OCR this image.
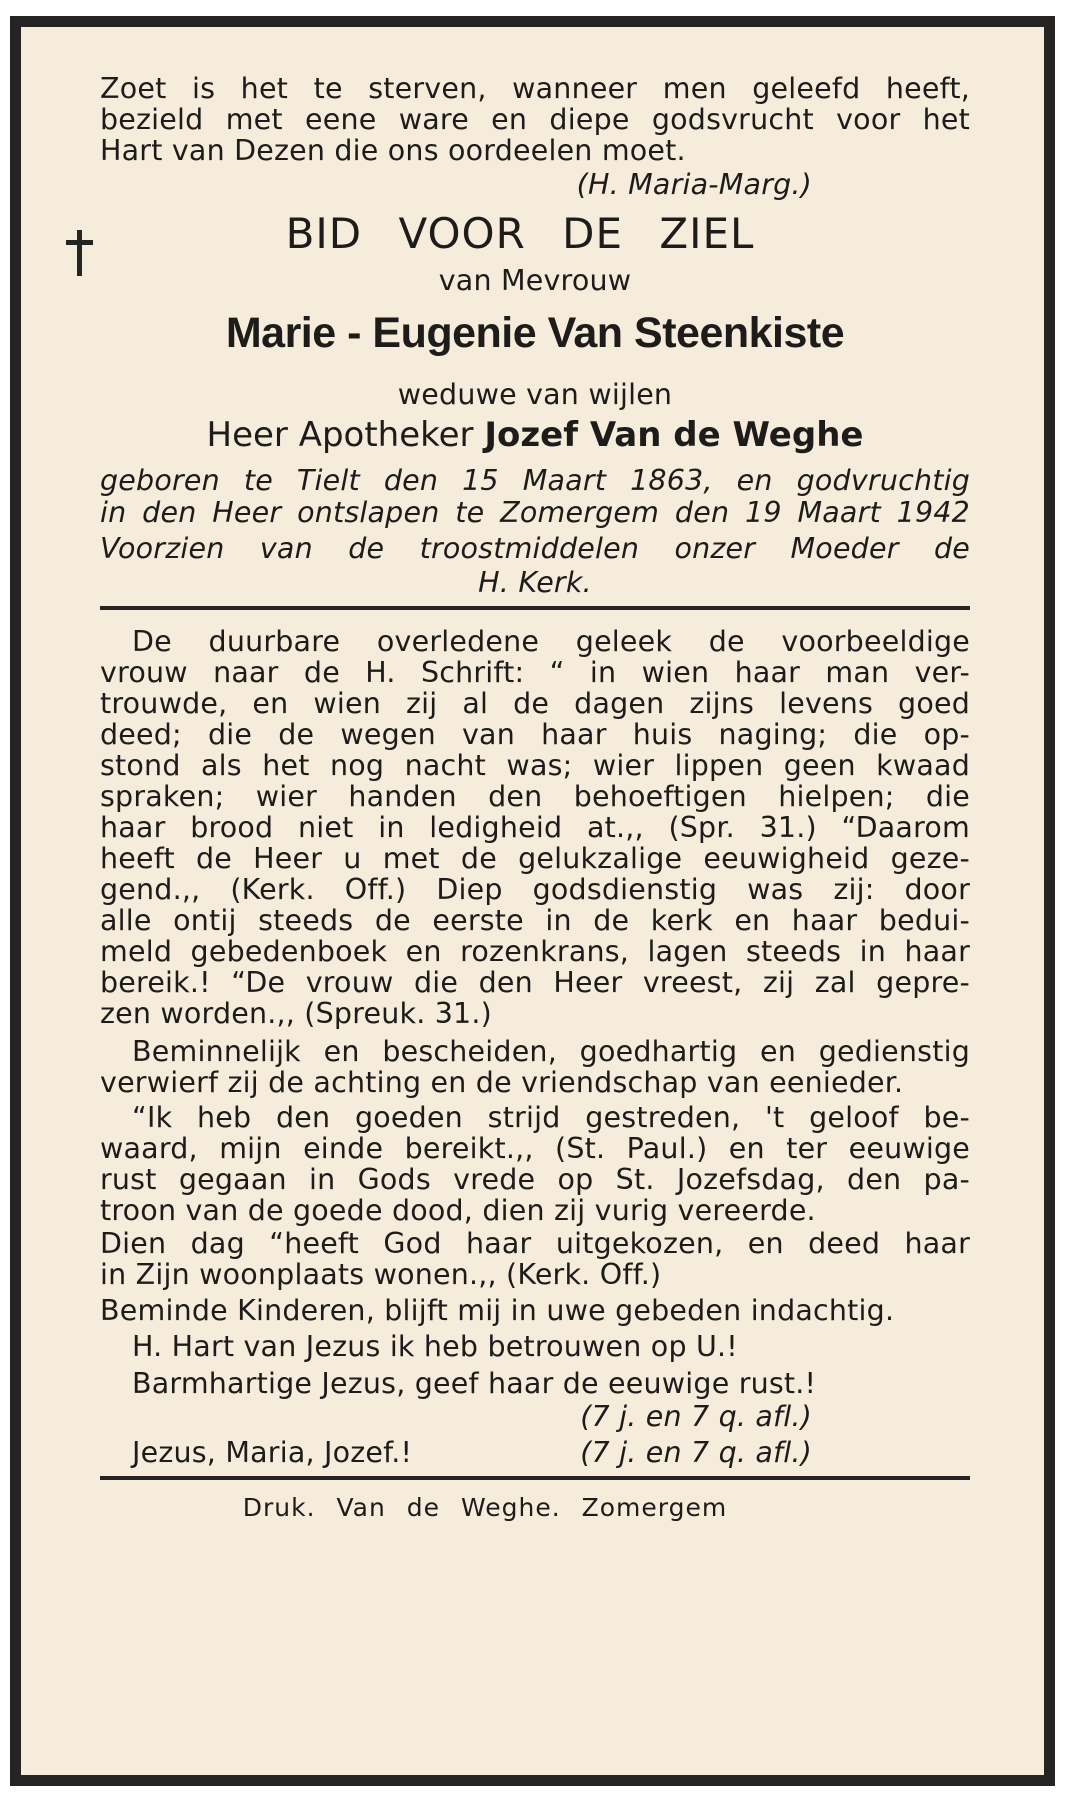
Zoet is het te sterven, wanneer men geleefd heeft,
bezield met eene ware en diepe godsvrucht voor het
Hart van Dezen die ons oordeelen moet.
(H. Maria-Marg.)
BID VOOR DE ZIEL
van Mevrouw
Marie - Eugenie Van Steenkiste
weduwe van wijlen
Heer Apotheker Jozef Van de Weghe
geboren te Tielt den 15 Maart 1863, en godvruchtig
in den Heer ontslapen te Zomergem den 19 Maart 1942
Voorzien van de troostmiddelen onzer Moeder de
H. Kerk.
De duurbare overledene geleek de voorbeeldige
vrouw naar de H. Schrift: “ in wien haar man ver-
trouwde, en wien zij al de dagen zijns levens goed
deed; die de wegen van haar huis naging; die op-
stond als het nog nacht was; wier lippen geen kwaad
spraken; wier handen den behoeftigen hielpen; die
haar brood niet in ledigheid at.,, (Spr. 31.) “Daarom
heeft de Heer u met de gelukzalige eeuwigheid geze-
gend.,, (Kerk. Off.) Diep godsdienstig was zij: door
alle ontij steeds de eerste in de kerk en haar bedui-
meld gebedenboek en rozenkrans, lagen steeds in haar
bereik.! “De vrouw die den Heer vreest, zij zal gepre-
zen worden.,, (Spreuk. 31.)
Beminnelijk en bescheiden, goedhartig en gedienstig
verwierf zij de achting en de vriendschap van eenieder.
“Ik heb den goeden strijd gestreden, 't geloof be-
waard, mijn einde bereikt.,, (St. Paul.) en ter eeuwige
rust gegaan in Gods vrede op St. Jozefsdag, den pa-
troon van de goede dood, dien zij vurig vereerde.
Dien dag “heeft God haar uitgekozen, en deed haar
in Zijn woonplaats wonen.,, (Kerk. Off.)
Beminde Kinderen, blijft mij in uwe gebeden indachtig.
H. Hart van Jezus ik heb betrouwen op U.!
Barmhartige Jezus, geef haar de eeuwige rust.!
(7 j. en 7 q. afl.)
Jezus, Maria, Jozef.!	(7 j. en 7 q. afl.)
Druk. Van de Weghe. Zomergem
